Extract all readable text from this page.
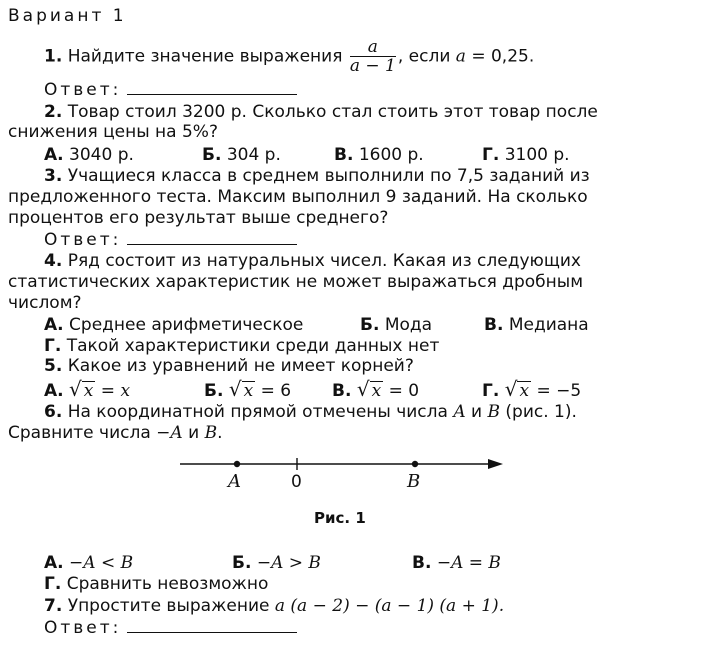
Вариант 1
1. Найдите значение выражения $\frac{a}{a - 1}$ , если a = 0,25.
Ответ:
2. Товар стоил 3200 р. Сколько стал стоить этот товар после
снижения цены на 5%?
А. 3040 р.	Б. 304 р.	В. 1600 р.	Г. 3100 р.
3. Учащиеся класса в среднем выполнили по 7,5 заданий из
предложенного теста. Максим выполнил 9 заданий. На сколько
процентов его результат выше среднего?
Ответ:
4. Ряд состоит из натуральных чисел. Какая из следующих
статистических характеристик не может выражаться дробным
числом?
А. Среднее арифметическое	Б. Мода	В. Медиана
Г. Такой характеристики среди данных нет
5. Какое из уравнений не имеет корней?
А. √ x = x	Б. √ x = 6 В. √ x = 0	Г. √ x = −5
6. На координатной прямой отмечены числа A и B (рис. 1).
Сравните числа −A и B.
A	0	B
Рис. 1
А. −A < B	Б. −A > B	В. −A = B
Г. Сравнить невозможно
7. Упростите выражение a (a − 2) − (a − 1) (a + 1).
Ответ:
